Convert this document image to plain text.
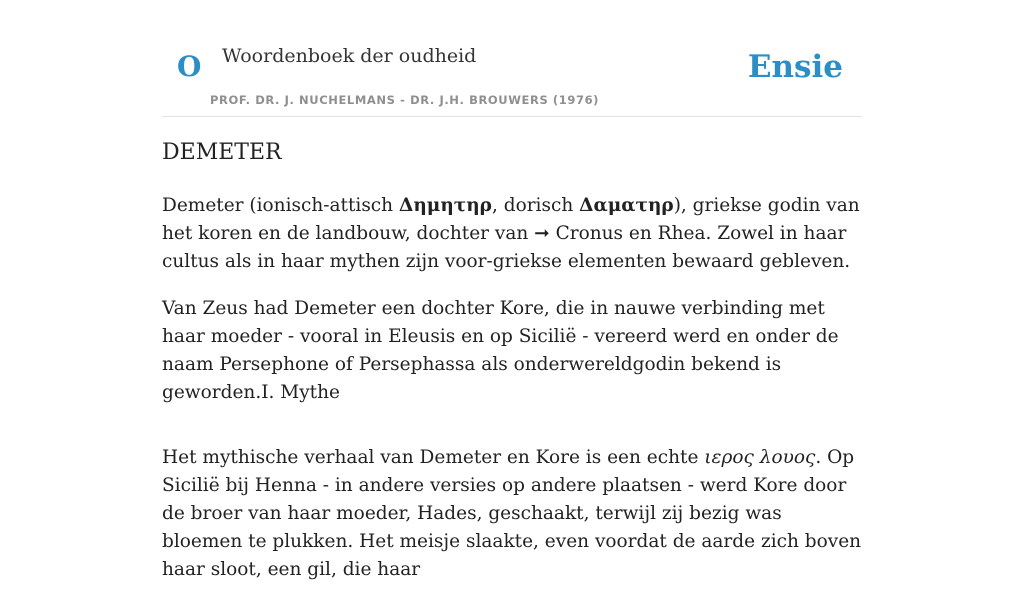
O Woordenboek der oudheid
PROF. DR. J. NUCHELMANS - DR. J.H. BROUWERS (1976)
Ensie
DEMETER

Demeter (ionisch-attisch Δημητηρ, dorisch Δαματηρ), griekse godin van het koren en de landbouw, dochter van ➞ Cronus en Rhea. Zowel in haar cultus als in haar mythen zijn voor-griekse elementen bewaard gebleven.

Van Zeus had Demeter een dochter Kore, die in nauwe verbinding met haar moeder - vooral in Eleusis en op Sicilië - vereerd werd en onder de naam Persephone of Persephassa als onderwereldgodin bekend is geworden.I. Mythe

Het mythische verhaal van Demeter en Kore is een echte ιερος λουος. Op Sicilië bij Henna - in andere versies op andere plaatsen - werd Kore door de broer van haar moeder, Hades, geschaakt, terwijl zij bezig was bloemen te plukken. Het meisje slaakte, even voordat de aarde zich boven haar sloot, een gil, die haar
